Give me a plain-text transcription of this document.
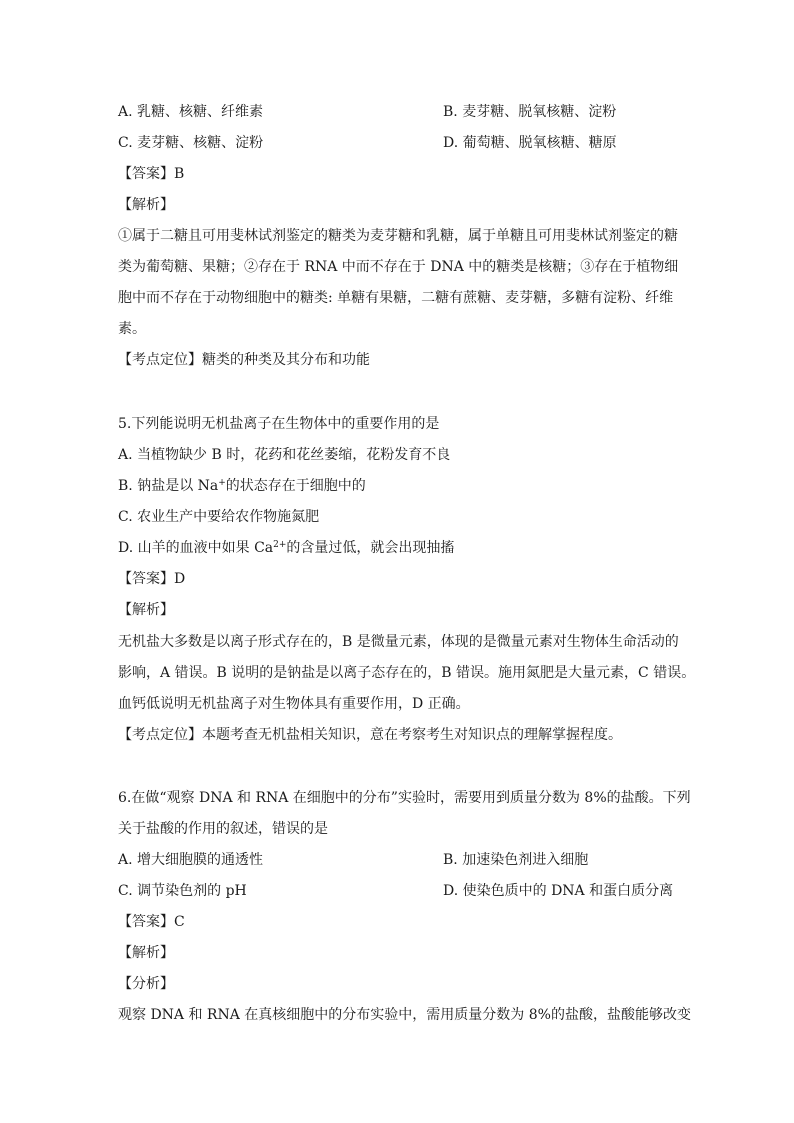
A. 乳糖、核糖、纤维素	B. 麦芽糖、脱氧核糖、淀粉
C. 麦芽糖、核糖、淀粉	D. 葡萄糖、脱氧核糖、糖原
【答案】B
【解析】
①属于二糖且可用斐林试剂鉴定的糖类为麦芽糖和乳糖，属于单糖且可用斐林试剂鉴定的糖
类为葡萄糖、果糖；②存在于 RNA 中而不存在于 DNA 中的糖类是核糖；③存在于植物细
胞中而不存在于动物细胞中的糖类: 单糖有果糖，二糖有蔗糖、麦芽糖，多糖有淀粉、纤维
素。
【考点定位】糖类的种类及其分布和功能
5.下列能说明无机盐离子在生物体中的重要作用的是
A. 当植物缺少 B 时，花药和花丝萎缩，花粉发育不良
B. 钠盐是以 Na+的状态存在于细胞中的
C. 农业生产中要给农作物施氮肥
D. 山羊的血液中如果 $Ca^{2+}$的含量过低，就会出现抽搐
【答案】D
【解析】
无机盐大多数是以离子形式存在的，B 是微量元素，体现的是微量元素对生物体生命活动的
影响，A 错误。B 说明的是钠盐是以离子态存在的，B 错误。施用氮肥是大量元素，C 错误。
血钙低说明无机盐离子对生物体具有重要作用，D 正确。
【考点定位】本题考查无机盐相关知识，意在考察考生对知识点的理解掌握程度。
6.在做“观察 DNA 和 RNA 在细胞中的分布”实验时，需要用到质量分数为 8%的盐酸。下列
关于盐酸的作用的叙述，错误的是
A. 增大细胞膜的通透性	B. 加速染色剂进入细胞
C. 调节染色剂的 pH	D. 使染色质中的 DNA 和蛋白质分离
【答案】C
【解析】
【分析】
观察 DNA 和 RNA 在真核细胞中的分布实验中，需用质量分数为 8%的盐酸，盐酸能够改变
